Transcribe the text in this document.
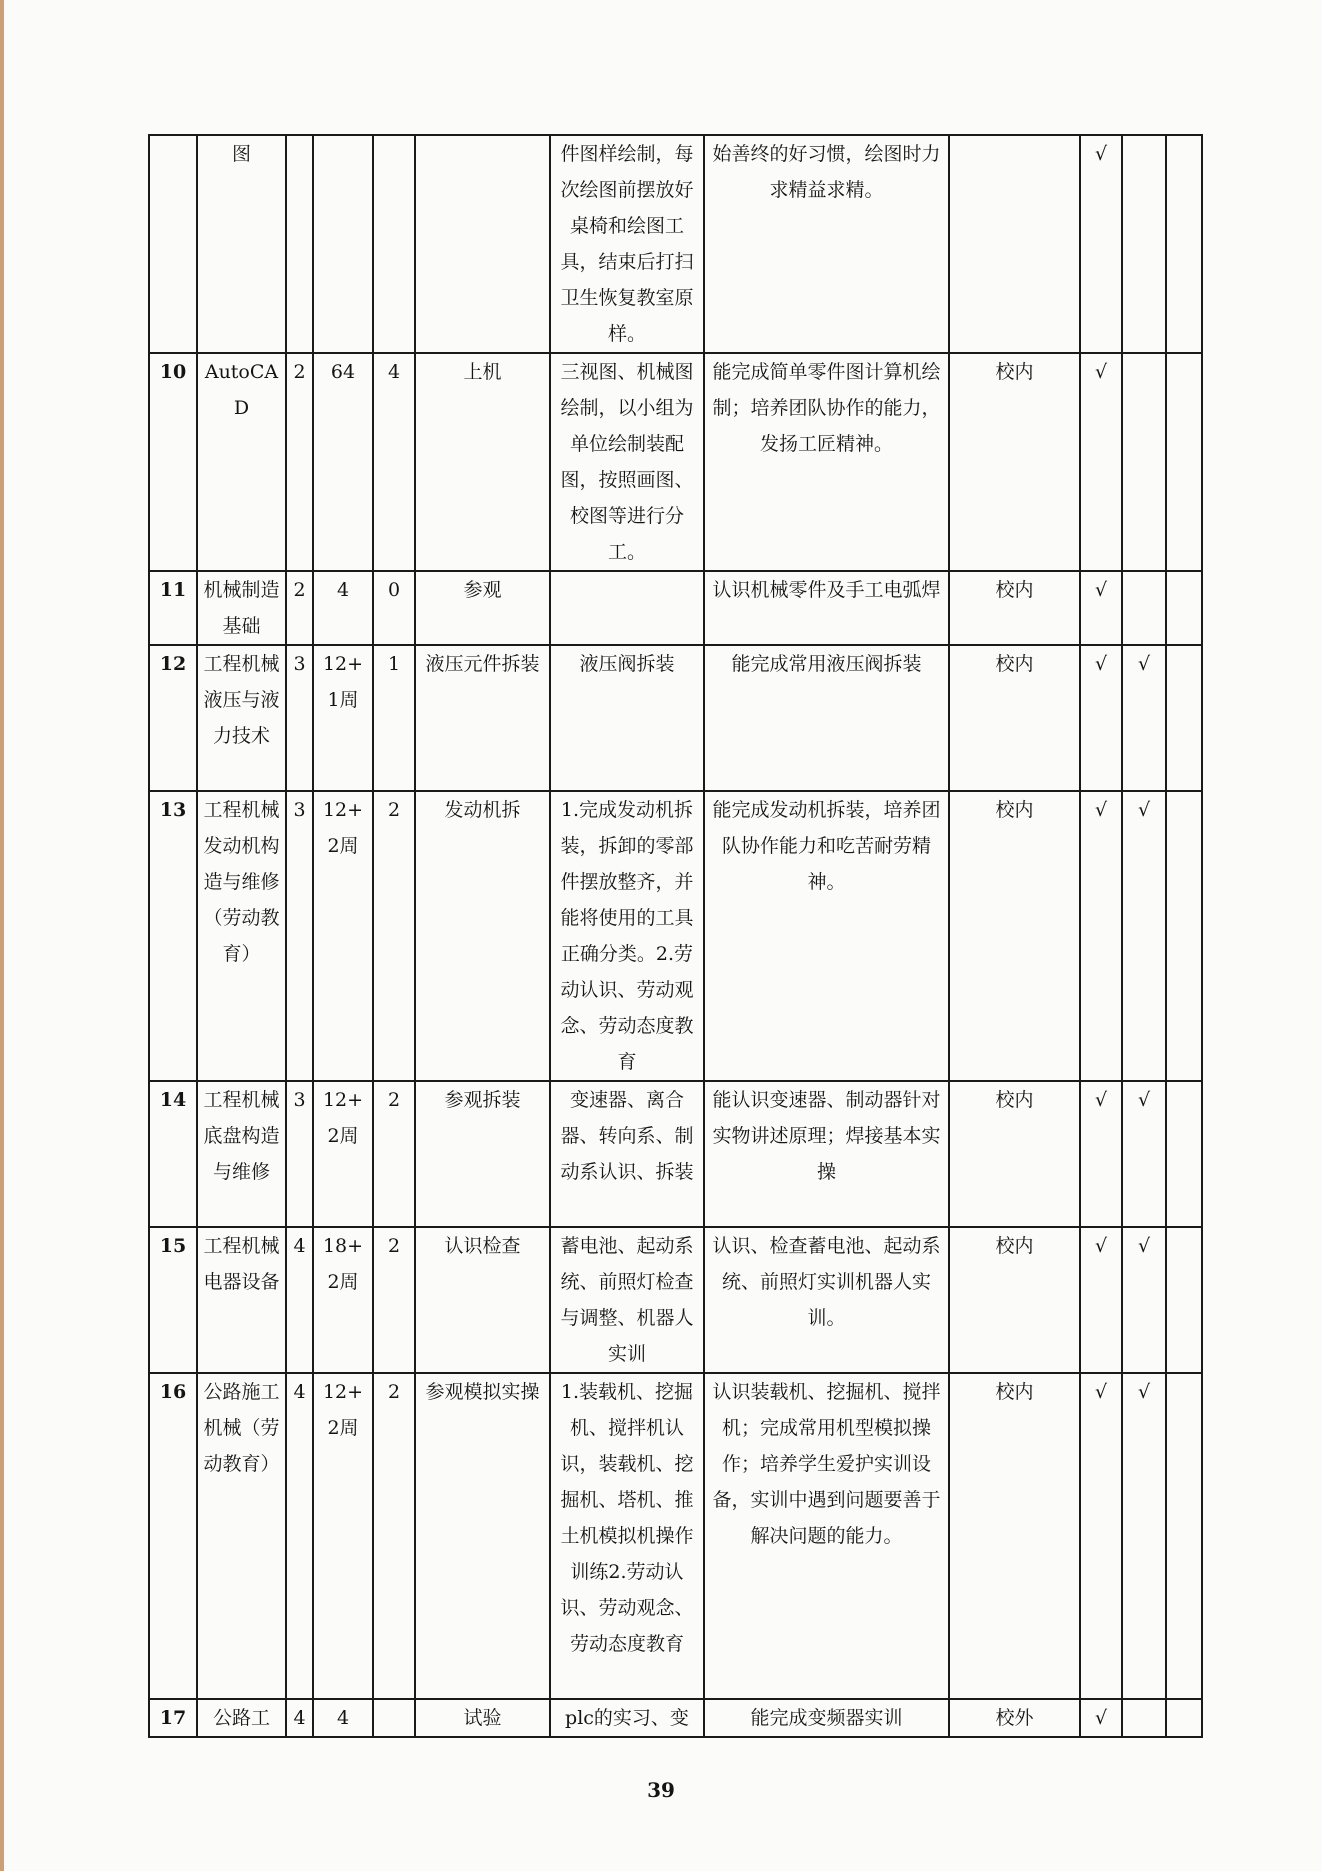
	图					件图样绘制，每次绘图前摆放好桌椅和绘图工具，结束后打扫卫生恢复教室原样。	始善终的好习惯，绘图时力求精益求精。		√		
10	AutoCAD	2	64	4	上机	三视图、机械图绘制，以小组为单位绘制装配图，按照画图、校图等进行分工。	能完成简单零件图计算机绘制；培养团队协作的能力，发扬工匠精神。	校内	√		
11	机械制造基础	2	4	0	参观		认识机械零件及手工电弧焊	校内	√		
12	工程机械液压与液力技术	3	12+1周	1	液压元件拆装	液压阀拆装	能完成常用液压阀拆装	校内	√	√	
13	工程机械发动机构造与维修（劳动教育）	3	12+2周	2	发动机拆	1.完成发动机拆装，拆卸的零部件摆放整齐，并能将使用的工具正确分类。2.劳动认识、劳动观念、劳动态度教育	能完成发动机拆装，培养团队协作能力和吃苦耐劳精神。	校内	√	√	
14	工程机械底盘构造与维修	3	12+2周	2	参观拆装	变速器、离合器、转向系、制动系认识、拆装	能认识变速器、制动器针对实物讲述原理；焊接基本实操	校内	√	√	
15	工程机械电器设备	4	18+2周	2	认识检查	蓄电池、起动系统、前照灯检查与调整、机器人实训	认识、检查蓄电池、起动系统、前照灯实训机器人实训。	校内	√	√	
16	公路施工机械（劳动教育）	4	12+2周	2	参观模拟实操	1.装载机、挖掘机、搅拌机认识，装载机、挖掘机、塔机、推土机模拟机操作训练2.劳动认识、劳动观念、劳动态度教育	认识装载机、挖掘机、搅拌机；完成常用机型模拟操作；培养学生爱护实训设备，实训中遇到问题要善于解决问题的能力。	校内	√	√	
17	公路工	4	4		试验	plc的实习、变	能完成变频器实训	校外	√		
39
